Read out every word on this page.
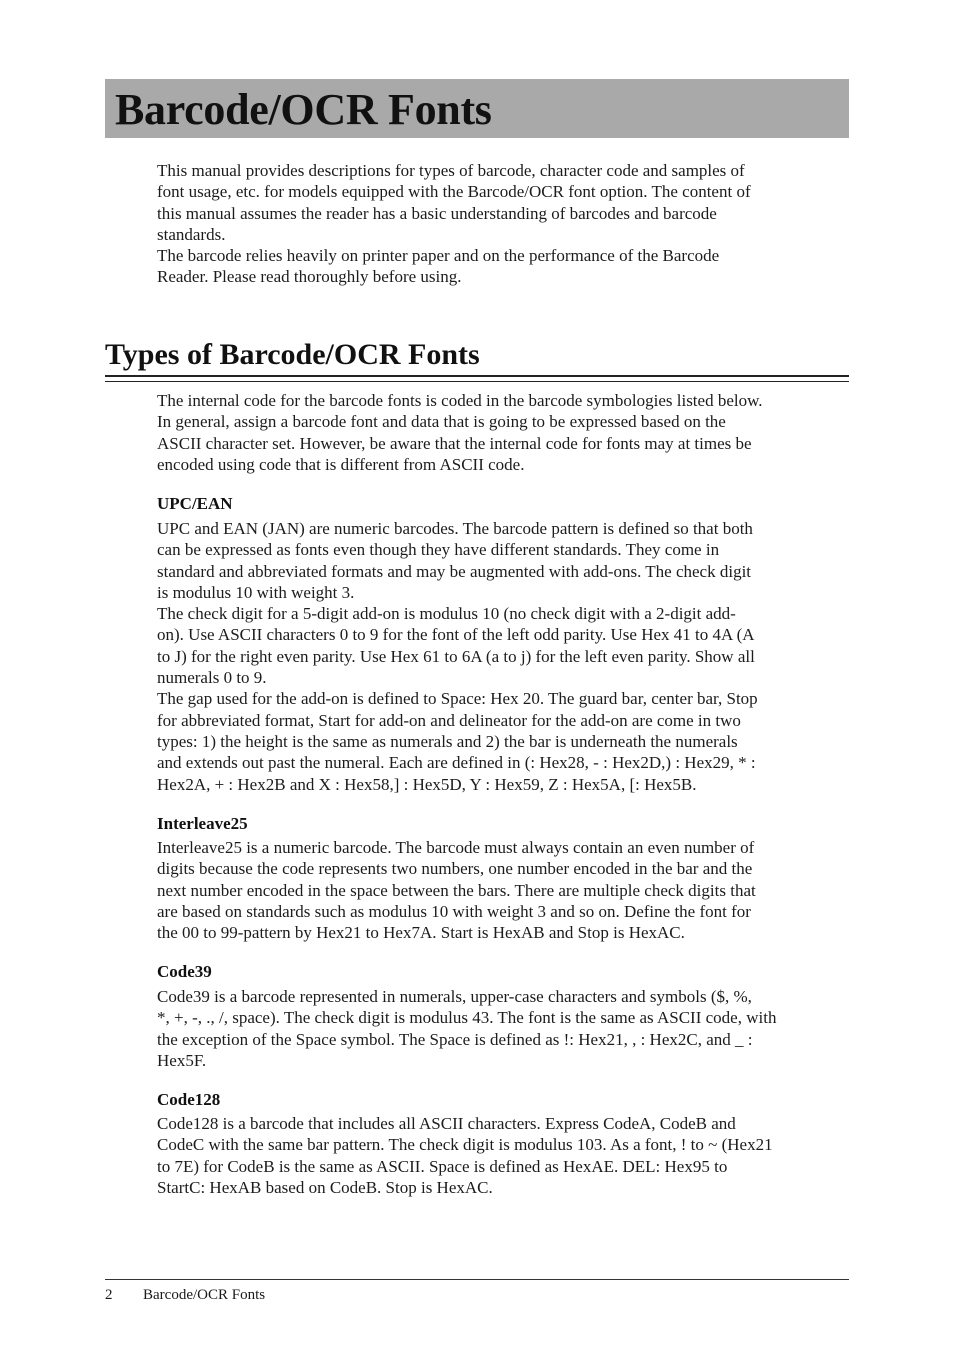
Barcode/OCR Fonts

This manual provides descriptions for types of barcode, character code and samples of

font usage, etc. for models equipped with the Barcode/OCR font option. The content of

this manual assumes the reader has a basic understanding of barcodes and barcode

standards.

The barcode relies heavily on printer paper and on the performance of the Barcode

Reader. Please read thoroughly before using.

Types of Barcode/OCR Fonts

The internal code for the barcode fonts is coded in the barcode symbologies listed below.

In general, assign a barcode font and data that is going to be expressed based on the

ASCII character set. However, be aware that the internal code for fonts may at times be

encoded using code that is different from ASCII code.

UPC/EAN

UPC and EAN (JAN) are numeric barcodes. The barcode pattern is defined so that both

can be expressed as fonts even though they have different standards. They come in

standard and abbreviated formats and may be augmented with add-ons. The check digit

is modulus 10 with weight 3.

The check digit for a 5-digit add-on is modulus 10 (no check digit with a 2-digit add-

on). Use ASCII characters 0 to 9 for the font of the left odd parity. Use Hex 41 to 4A (A

to J) for the right even parity. Use Hex 61 to 6A (a to j) for the left even parity. Show all

numerals 0 to 9.

The gap used for the add-on is defined to Space: Hex 20. The guard bar, center bar, Stop

for abbreviated format, Start for add-on and delineator for the add-on are come in two

types: 1) the height is the same as numerals and 2) the bar is underneath the numerals

and extends out past the numeral. Each are defined in (: Hex28, - : Hex2D,) : Hex29, * :

Hex2A, + : Hex2B and X : Hex58,] : Hex5D, Y : Hex59, Z : Hex5A, [: Hex5B.

Interleave25

Interleave25 is a numeric barcode. The barcode must always contain an even number of

digits because the code represents two numbers, one number encoded in the bar and the

next number encoded in the space between the bars. There are multiple check digits that

are based on standards such as modulus 10 with weight 3 and so on. Define the font for

the 00 to 99-pattern by Hex21 to Hex7A. Start is HexAB and Stop is HexAC.

Code39

Code39 is a barcode represented in numerals, upper-case characters and symbols ($, %,

*, +, -, ., /, space). The check digit is modulus 43. The font is the same as ASCII code, with

the exception of the Space symbol. The Space is defined as !: Hex21, , : Hex2C, and _ :

Hex5F.

Code128

Code128 is a barcode that includes all ASCII characters. Express CodeA, CodeB and

CodeC with the same bar pattern. The check digit is modulus 103. As a font, ! to ~ (Hex21

to 7E) for CodeB is the same as ASCII. Space is defined as HexAE. DEL: Hex95 to

StartC: HexAB based on CodeB. Stop is HexAC.

2 Barcode/OCR Fonts
